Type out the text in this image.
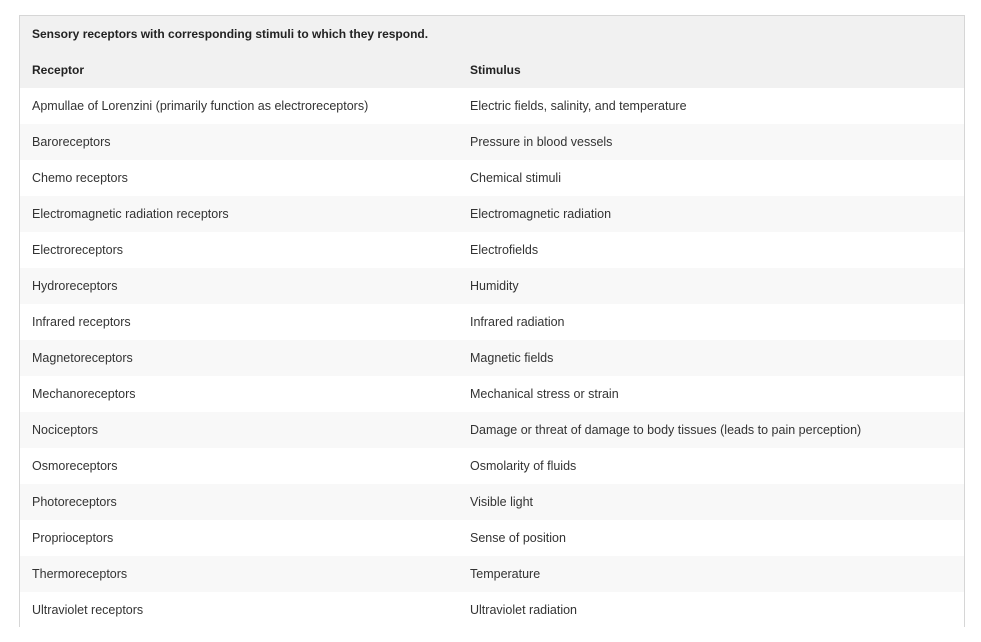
Sensory receptors with corresponding stimuli to which they respond.
Receptor	Stimulus
Apmullae of Lorenzini (primarily function as electroreceptors)	Electric fields, salinity, and temperature
Baroreceptors	Pressure in blood vessels
Chemo receptors	Chemical stimuli
Electromagnetic radiation receptors	Electromagnetic radiation
Electroreceptors	Electrofields
Hydroreceptors	Humidity
Infrared receptors	Infrared radiation
Magnetoreceptors	Magnetic fields
Mechanoreceptors	Mechanical stress or strain
Nociceptors	Damage or threat of damage to body tissues (leads to pain perception)
Osmoreceptors	Osmolarity of fluids
Photoreceptors	Visible light
Proprioceptors	Sense of position
Thermoreceptors	Temperature
Ultraviolet receptors	Ultraviolet radiation
